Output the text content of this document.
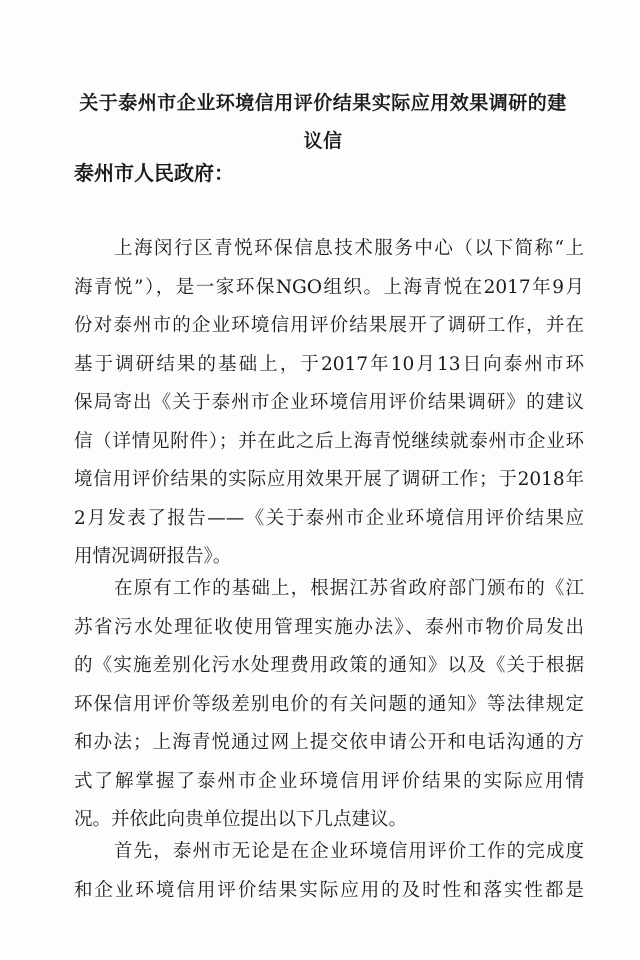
关于泰州市企业环境信用评价结果实际应用效果调研的建
议信
泰州市人民政府：
上海闵行区青悦环保信息技术服务中心（以下简称“上
海青悦”），是一家环保NGO组织。上海青悦在2017年9月
份对泰州市的企业环境信用评价结果展开了调研工作，并在
基于调研结果的基础上，于2017年10月13日向泰州市环
保局寄出《关于泰州市企业环境信用评价结果调研》的建议
信（详情见附件）；并在此之后上海青悦继续就泰州市企业环
境信用评价结果的实际应用效果开展了调研工作；于2018年
2月发表了报告——《关于泰州市企业环境信用评价结果应
用情况调研报告》。
在原有工作的基础上，根据江苏省政府部门颁布的《江
苏省污水处理征收使用管理实施办法》、泰州市物价局发出
的《实施差别化污水处理费用政策的通知》以及《关于根据
环保信用评价等级差别电价的有关问题的通知》等法律规定
和办法；上海青悦通过网上提交依申请公开和电话沟通的方
式了解掌握了泰州市企业环境信用评价结果的实际应用情
况。并依此向贵单位提出以下几点建议。
首先，泰州市无论是在企业环境信用评价工作的完成度
和企业环境信用评价结果实际应用的及时性和落实性都是
